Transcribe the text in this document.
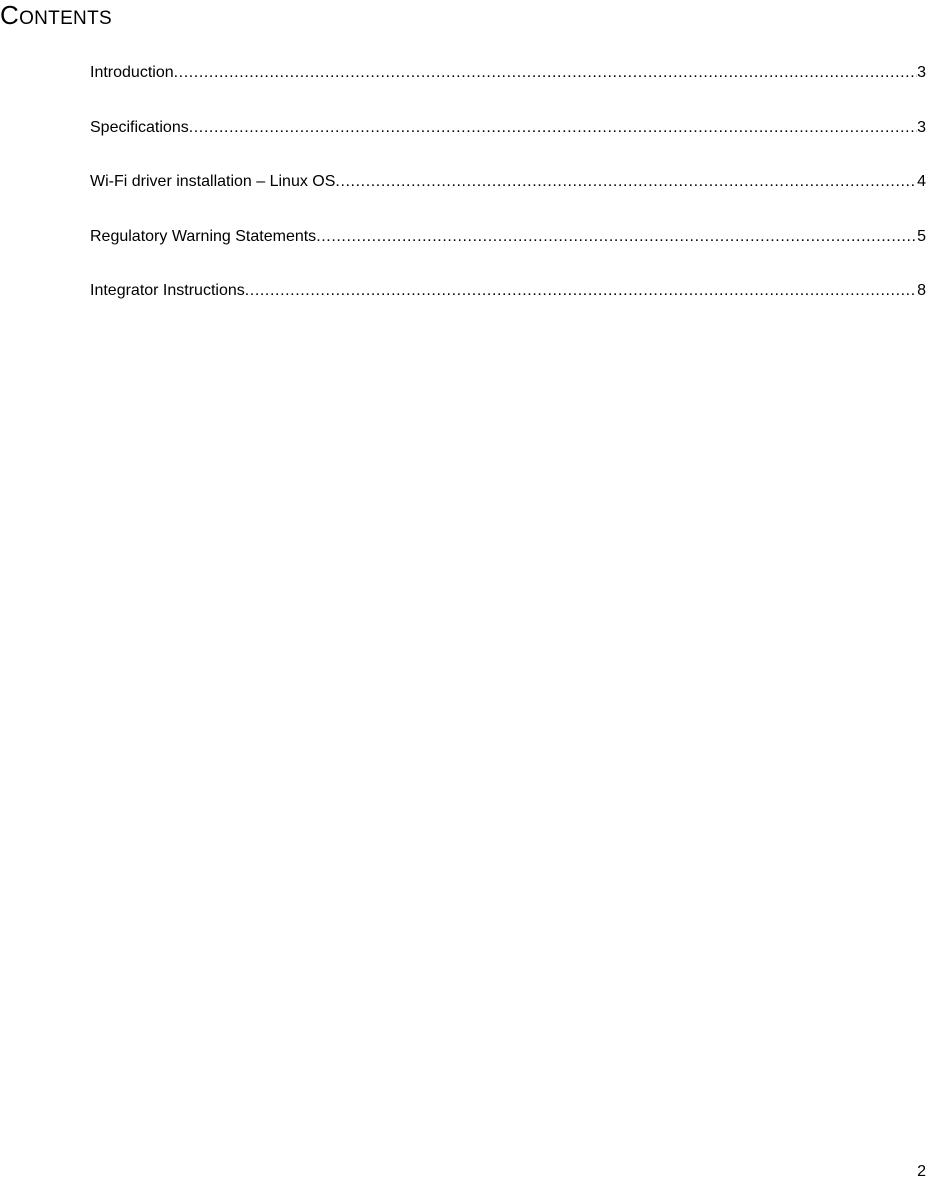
CONTENTS
Introduction .....	3
Specifications .....	3
Wi-Fi driver installation – Linux OS .....	4
Regulatory Warning Statements .....	5
Integrator Instructions .....	8
2
